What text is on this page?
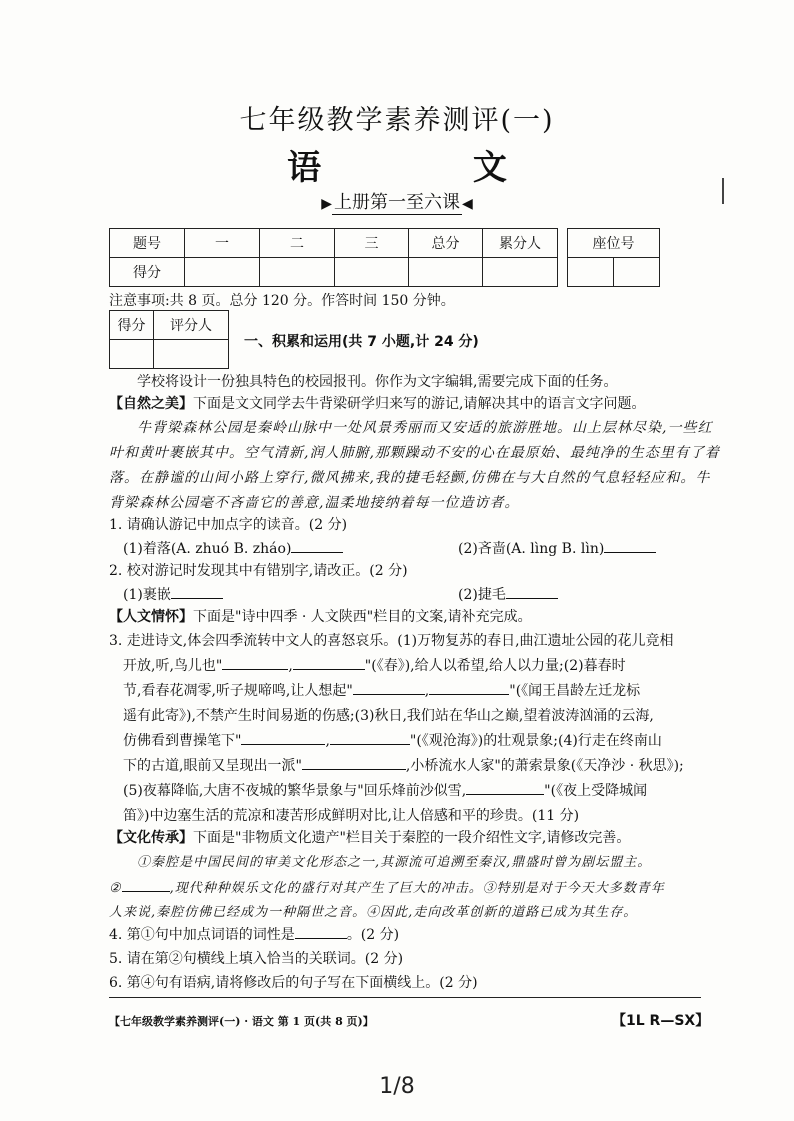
七年级教学素养测评(一)
语 文
▶ 上册第一至六课 ◀
题号	一	二	三	总分	累分人
得分					
座位号

注意事项:共 8 页。总分 120 分。作答时间 150 分钟。
得分	评分人

一、积累和运用(共 7 小题,计 24 分)
学校将设计一份独具特色的校园报刊。你作为文字编辑,需要完成下面的任务。
【自然之美】下面是文文同学去牛背梁研学归来写的游记,请解决其中的语言文字问题。
牛背梁森林公园是秦岭山脉中一处风景秀丽而又安适的旅游胜地。山上层林尽染,一些红
叶和黄叶裹嵌其中。空气清新,润人肺腑,那颗躁动不安的心在最原始、最纯净的生态里有了着
落。在静谧的山间小路上穿行,微风拂来,我的捷毛轻颤,仿佛在与大自然的气息轻轻应和。牛
背梁森林公园毫不吝啬它的善意,温柔地接纳着每一位造访者。
1. 请确认游记中加点字的读音。(2 分)
(1)着落(A. zhuó B. zháo)	(2)吝啬(A. lìng B. lìn)
2. 校对游记时发现其中有错别字,请改正。(2 分)
(1)裹嵌	(2)捷毛
【人文情怀】下面是"诗中四季 · 人文陕西"栏目的文案,请补充完成。
3. 走进诗文,体会四季流转中文人的喜怒哀乐。(1)万物复苏的春日,曲江遗址公园的花儿竞相
开放,听,鸟儿也"	,	"(《春》),给人以希望,给人以力量;(2)暮春时
节,看春花凋零,听子规啼鸣,让人想起"	,	"(《闻王昌龄左迁龙标
遥有此寄》),不禁产生时间易逝的伤感;(3)秋日,我们站在华山之巅,望着波涛汹涌的云海,
仿佛看到曹操笔下"	,	"(《观沧海》)的壮观景象;(4)行走在终南山
下的古道,眼前又呈现出一派"	,小桥流水人家"的萧索景象(《天净沙 · 秋思》);
(5)夜幕降临,大唐不夜城的繁华景象与"回乐烽前沙似雪,	"(《夜上受降城闻
笛》)中边塞生活的荒凉和凄苦形成鲜明对比,让人倍感和平的珍贵。(11 分)
【文化传承】下面是"非物质文化遗产"栏目关于秦腔的一段介绍性文字,请修改完善。
①秦腔是中国民间的审美文化形态之一,其源流可追溯至秦汉,鼎盛时曾为剧坛盟主。
②	,现代种种娱乐文化的盛行对其产生了巨大的冲击。③特别是对于今天大多数青年
人来说,秦腔仿佛已经成为一种隔世之音。④因此,走向改革创新的道路已成为其生存。
4. 第①句中加点词语的词性是	。(2 分)
5. 请在第②句横线上填入恰当的关联词。(2 分)
6. 第④句有语病,请将修改后的句子写在下面横线上。(2 分)
【七年级教学素养测评(一) · 语文 第 1 页(共 8 页)】	【1L R—SX】
1/8
